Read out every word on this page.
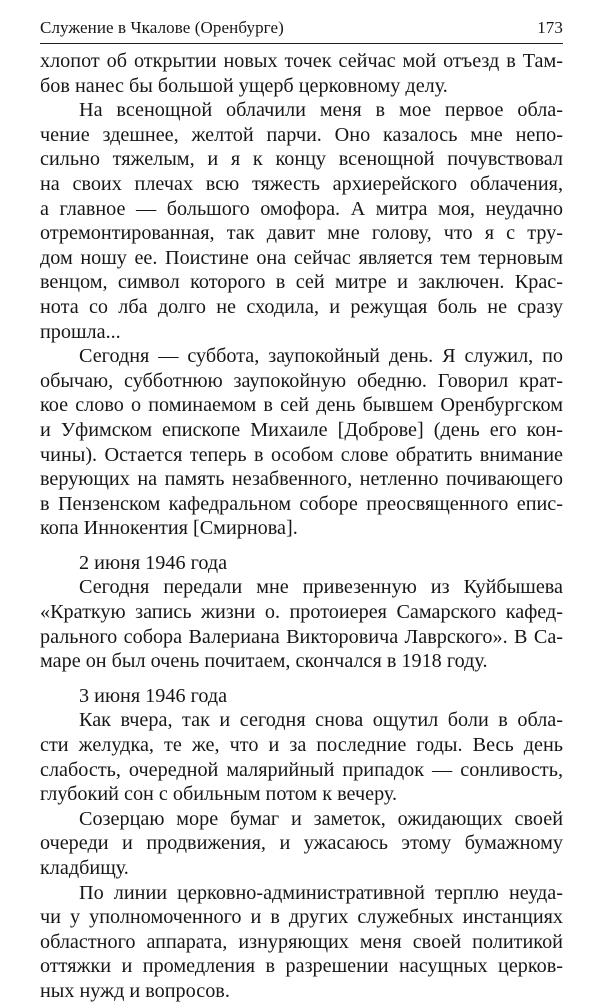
Служение в Чкалове (Оренбурге)	173
хлопот об открытии новых точек сейчас мой отъезд в Там-
бов нанес бы большой ущерб церковному делу.
На всенощной облачили меня в мое первое обла-
чение здешнее, желтой парчи. Оно казалось мне непо-
сильно тяжелым, и я к концу всенощной почувствовал
на своих плечах всю тяжесть архиерейского облачения,
а главное — большого омофора. А митра моя, неудачно
отремонтированная, так давит мне голову, что я с тру-
дом ношу ее. Поистине она сейчас является тем терновым
венцом, символ которого в сей митре и заключен. Крас-
нота со лба долго не сходила, и режущая боль не сразу
прошла...
Сегодня — суббота, заупокойный день. Я служил, по
обычаю, субботнюю заупокойную обедню. Говорил крат-
кое слово о поминаемом в сей день бывшем Оренбургском
и Уфимском епископе Михаиле [Доброве] (день его кон-
чины). Остается теперь в особом слове обратить внимание
верующих на память незабвенного, нетленно почивающего
в Пензенском кафедральном соборе преосвященного епис-
копа Иннокентия [Смирнова].
2 июня 1946 года
Сегодня передали мне привезенную из Куйбышева
«Краткую запись жизни о. протоиерея Самарского кафед-
рального собора Валериана Викторовича Лаврского». В Са-
маре он был очень почитаем, скончался в 1918 году.
3 июня 1946 года
Как вчера, так и сегодня снова ощутил боли в обла-
сти желудка, те же, что и за последние годы. Весь день
слабость, очередной малярийный припадок — сонливость,
глубокий сон с обильным потом к вечеру.
Созерцаю море бумаг и заметок, ожидающих своей
очереди и продвижения, и ужасаюсь этому бумажному
кладбищу.
По линии церковно-административной терплю неуда-
чи у уполномоченного и в других служебных инстанциях
областного аппарата, изнуряющих меня своей политикой
оттяжки и промедления в разрешении насущных церков-
ных нужд и вопросов.
